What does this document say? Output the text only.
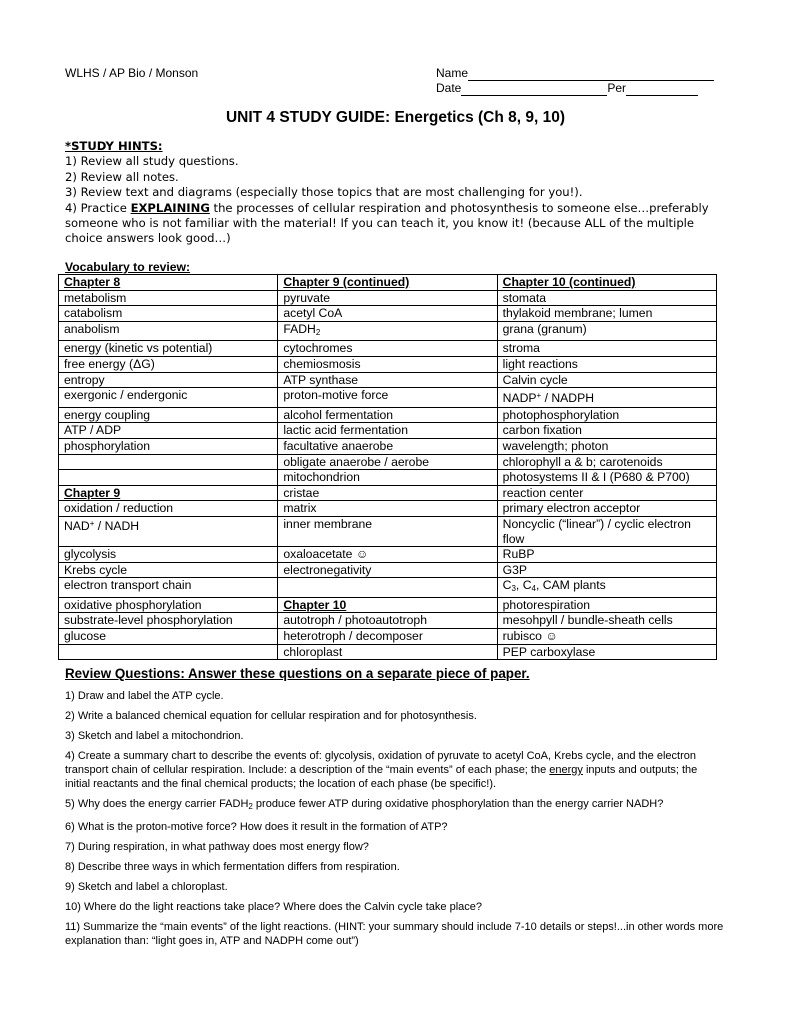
WLHS / AP Bio / Monson	Name
Date	Per
UNIT 4 STUDY GUIDE: Energetics (Ch 8, 9, 10)

*STUDY HINTS:

1) Review all study questions.

2) Review all notes.

3) Review text and diagrams (especially those topics that are most challenging for you!).

4) Practice EXPLAINING the processes of cellular respiration and photosynthesis to someone else…preferably someone who is not familiar with the material! If you can teach it, you know it! (because ALL of the multiple choice answers look good…)

Vocabulary to review:
Chapter 8	Chapter 9 (continued)	Chapter 10 (continued)
metabolism	pyruvate	stomata
catabolism	acetyl CoA	thylakoid membrane; lumen
anabolism	$FADH_2$	grana (granum)
energy (kinetic vs potential)	cytochromes	stroma
free energy (ΔG)	chemiosmosis	light reactions
entropy	ATP synthase	Calvin cycle
exergonic / endergonic	proton-motive force	NADP+ / NADPH
energy coupling	alcohol fermentation	photophosphorylation
ATP / ADP	lactic acid fermentation	carbon fixation
phosphorylation	facultative anaerobe	wavelength; photon
	obligate anaerobe / aerobe	chlorophyll a & b; carotenoids
	mitochondrion	photosystems II & I (P680 & P700)
Chapter 9	cristae	reaction center
oxidation / reduction	matrix	primary electron acceptor
NAD+ / NADH	inner membrane	Noncyclic (“linear”) / cyclic electron flow
glycolysis	oxaloacetate ☺	RuBP
Krebs cycle	electronegativity	G3P
electron transport chain		$C_3$, $C_4$, CAM plants
oxidative phosphorylation	Chapter 10	photorespiration
substrate-level phosphorylation	autotroph / photoautotroph	mesohpyll / bundle-sheath cells
glucose	heterotroph / decomposer	rubisco ☺
	chloroplast	PEP carboxylase
Review Questions: Answer these questions on a separate piece of paper.

1) Draw and label the ATP cycle.

2) Write a balanced chemical equation for cellular respiration and for photosynthesis.

3) Sketch and label a mitochondrion.

4) Create a summary chart to describe the events of: glycolysis, oxidation of pyruvate to acetyl CoA, Krebs cycle, and the electron transport chain of cellular respiration. Include: a description of the “main events” of each phase; the energy inputs and outputs; the initial reactants and the final chemical products; the location of each phase (be specific!).

5) Why does the energy carrier $FADH_2$ produce fewer ATP during oxidative phosphorylation than the energy carrier NADH?

6) What is the proton-motive force? How does it result in the formation of ATP?

7) During respiration, in what pathway does most energy flow?

8) Describe three ways in which fermentation differs from respiration.

9) Sketch and label a chloroplast.

10) Where do the light reactions take place? Where does the Calvin cycle take place?

11) Summarize the “main events” of the light reactions. (HINT: your summary should include 7-10 details or steps!...in other words more explanation than: “light goes in, ATP and NADPH come out”)
